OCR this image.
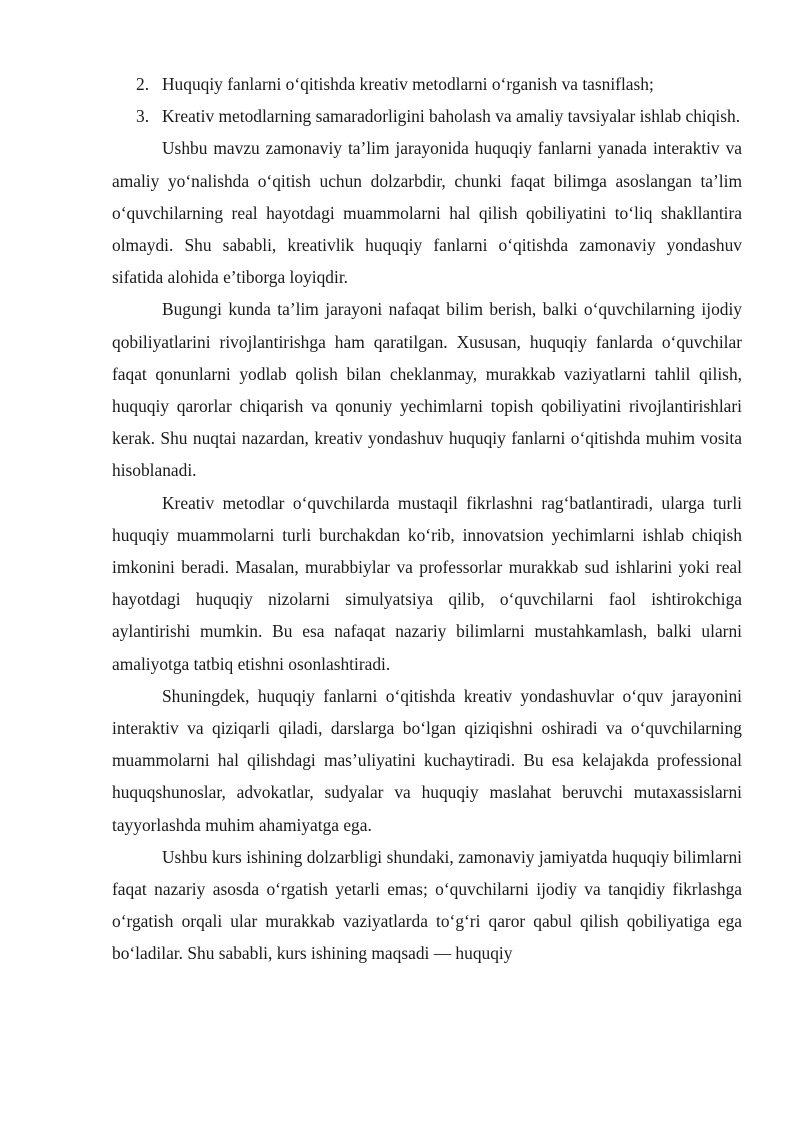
2. Huquqiy fanlarni o‘qitishda kreativ metodlarni o‘rganish va tasniflash;
3. Kreativ metodlarning samaradorligini baholash va amaliy tavsiyalar ishlab chiqish.

Ushbu mavzu zamonaviy ta’lim jarayonida huquqiy fanlarni yanada interaktiv va amaliy yo‘nalishda o‘qitish uchun dolzarbdir, chunki faqat bilimga asoslangan ta’lim o‘quvchilarning real hayotdagi muammolarni hal qilish qobiliyatini to‘liq shakllantira olmaydi. Shu sababli, kreativlik huquqiy fanlarni o‘qitishda zamonaviy yondashuv sifatida alohida e’tiborga loyiqdir.

Bugungi kunda ta’lim jarayoni nafaqat bilim berish, balki o‘quvchilarning ijodiy qobiliyatlarini rivojlantirishga ham qaratilgan. Xususan, huquqiy fanlarda o‘quvchilar faqat qonunlarni yodlab qolish bilan cheklanmay, murakkab vaziyatlarni tahlil qilish, huquqiy qarorlar chiqarish va qonuniy yechimlarni topish qobiliyatini rivojlantirishlari kerak. Shu nuqtai nazardan, kreativ yondashuv huquqiy fanlarni o‘qitishda muhim vosita hisoblanadi.

Kreativ metodlar o‘quvchilarda mustaqil fikrlashni rag‘batlantiradi, ularga turli huquqiy muammolarni turli burchakdan ko‘rib, innovatsion yechimlarni ishlab chiqish imkonini beradi. Masalan, murabbiylar va professorlar murakkab sud ishlarini yoki real hayotdagi huquqiy nizolarni simulyatsiya qilib, o‘quvchilarni faol ishtirokchiga aylantirishi mumkin. Bu esa nafaqat nazariy bilimlarni mustahkamlash, balki ularni amaliyotga tatbiq etishni osonlashtiradi.

Shuningdek, huquqiy fanlarni o‘qitishda kreativ yondashuvlar o‘quv jarayonini interaktiv va qiziqarli qiladi, darslarga bo‘lgan qiziqishni oshiradi va o‘quvchilarning muammolarni hal qilishdagi mas’uliyatini kuchaytiradi. Bu esa kelajakda professional huquqshunoslar, advokatlar, sudyalar va huquqiy maslahat beruvchi mutaxassislarni tayyorlashda muhim ahamiyatga ega.

Ushbu kurs ishining dolzarbligi shundaki, zamonaviy jamiyatda huquqiy bilimlarni faqat nazariy asosda o‘rgatish yetarli emas; o‘quvchilarni ijodiy va tanqidiy fikrlashga o‘rgatish orqali ular murakkab vaziyatlarda to‘g‘ri qaror qabul qilish qobiliyatiga ega bo‘ladilar. Shu sababli, kurs ishining maqsadi — huquqiy
